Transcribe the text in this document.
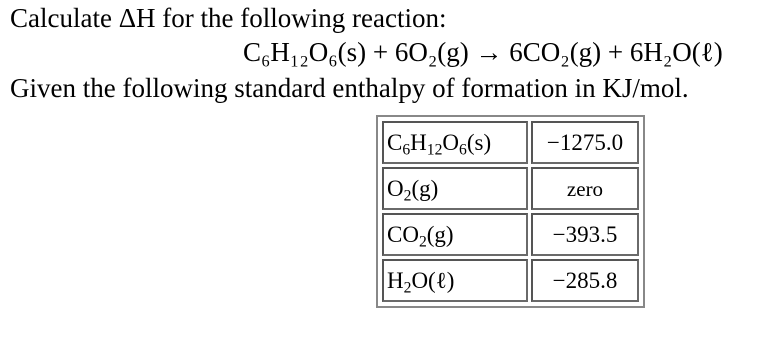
Calculate ΔH for the following reaction:
C₆H₁₂O₆(s) + 6O₂(g) → 6CO₂(g) + 6H₂O(ℓ)
Given the following standard enthalpy of formation in KJ/mol.
$C_6H_{12}O_6(s)$	−1275.0
$O_2(g)$	zero
$CO_2(g)$	−393.5
$H_2O(\ell)$	−285.8
